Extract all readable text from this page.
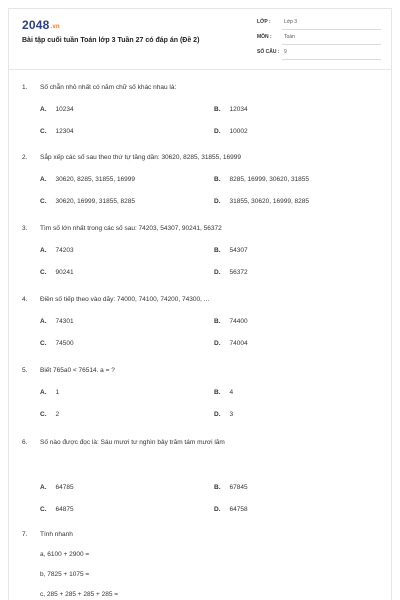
2048.vn
Bài tập cuối tuần Toán lớp 3 Tuần 27 có đáp án (Đề 2)
LỚP :	Lớp 3
MÔN : Toán
SỐ CÂU : 9
1. Số chẵn nhỏ nhất có năm chữ số khác nhau là:
A. 10234	B. 12034
C. 12304	D. 10002
2. Sắp xếp các số sau theo thứ tự tăng dần: 30620, 8285, 31855, 16999
A. 30620, 8285, 31855, 16999	B. 8285, 16999, 30620, 31855
C. 30620, 16999, 31855, 8285	D. 31855, 30620, 16999, 8285
3. Tìm số lớn nhất trong các số sau: 74203, 54307, 90241, 56372
A. 74203	B. 54307
C. 90241	D. 56372
4. Điền số tiếp theo vào dãy: 74000, 74100, 74200, 74300, ...
A. 74301	B. 74400
C. 74500	D. 74004
5. Biết 765a0 < 76514. a = ?
A. 1	B. 4
C. 2	D. 3
6. Số nào được đọc là: Sáu mươi tư nghìn bảy trăm tám mươi lăm
A. 64785	B. 67845
C. 64875	D. 64758
7. Tính nhanh
a, 6100 + 2900 =
b, 7825 + 1075 =
c, 285 + 285 + 285 + 285 =
